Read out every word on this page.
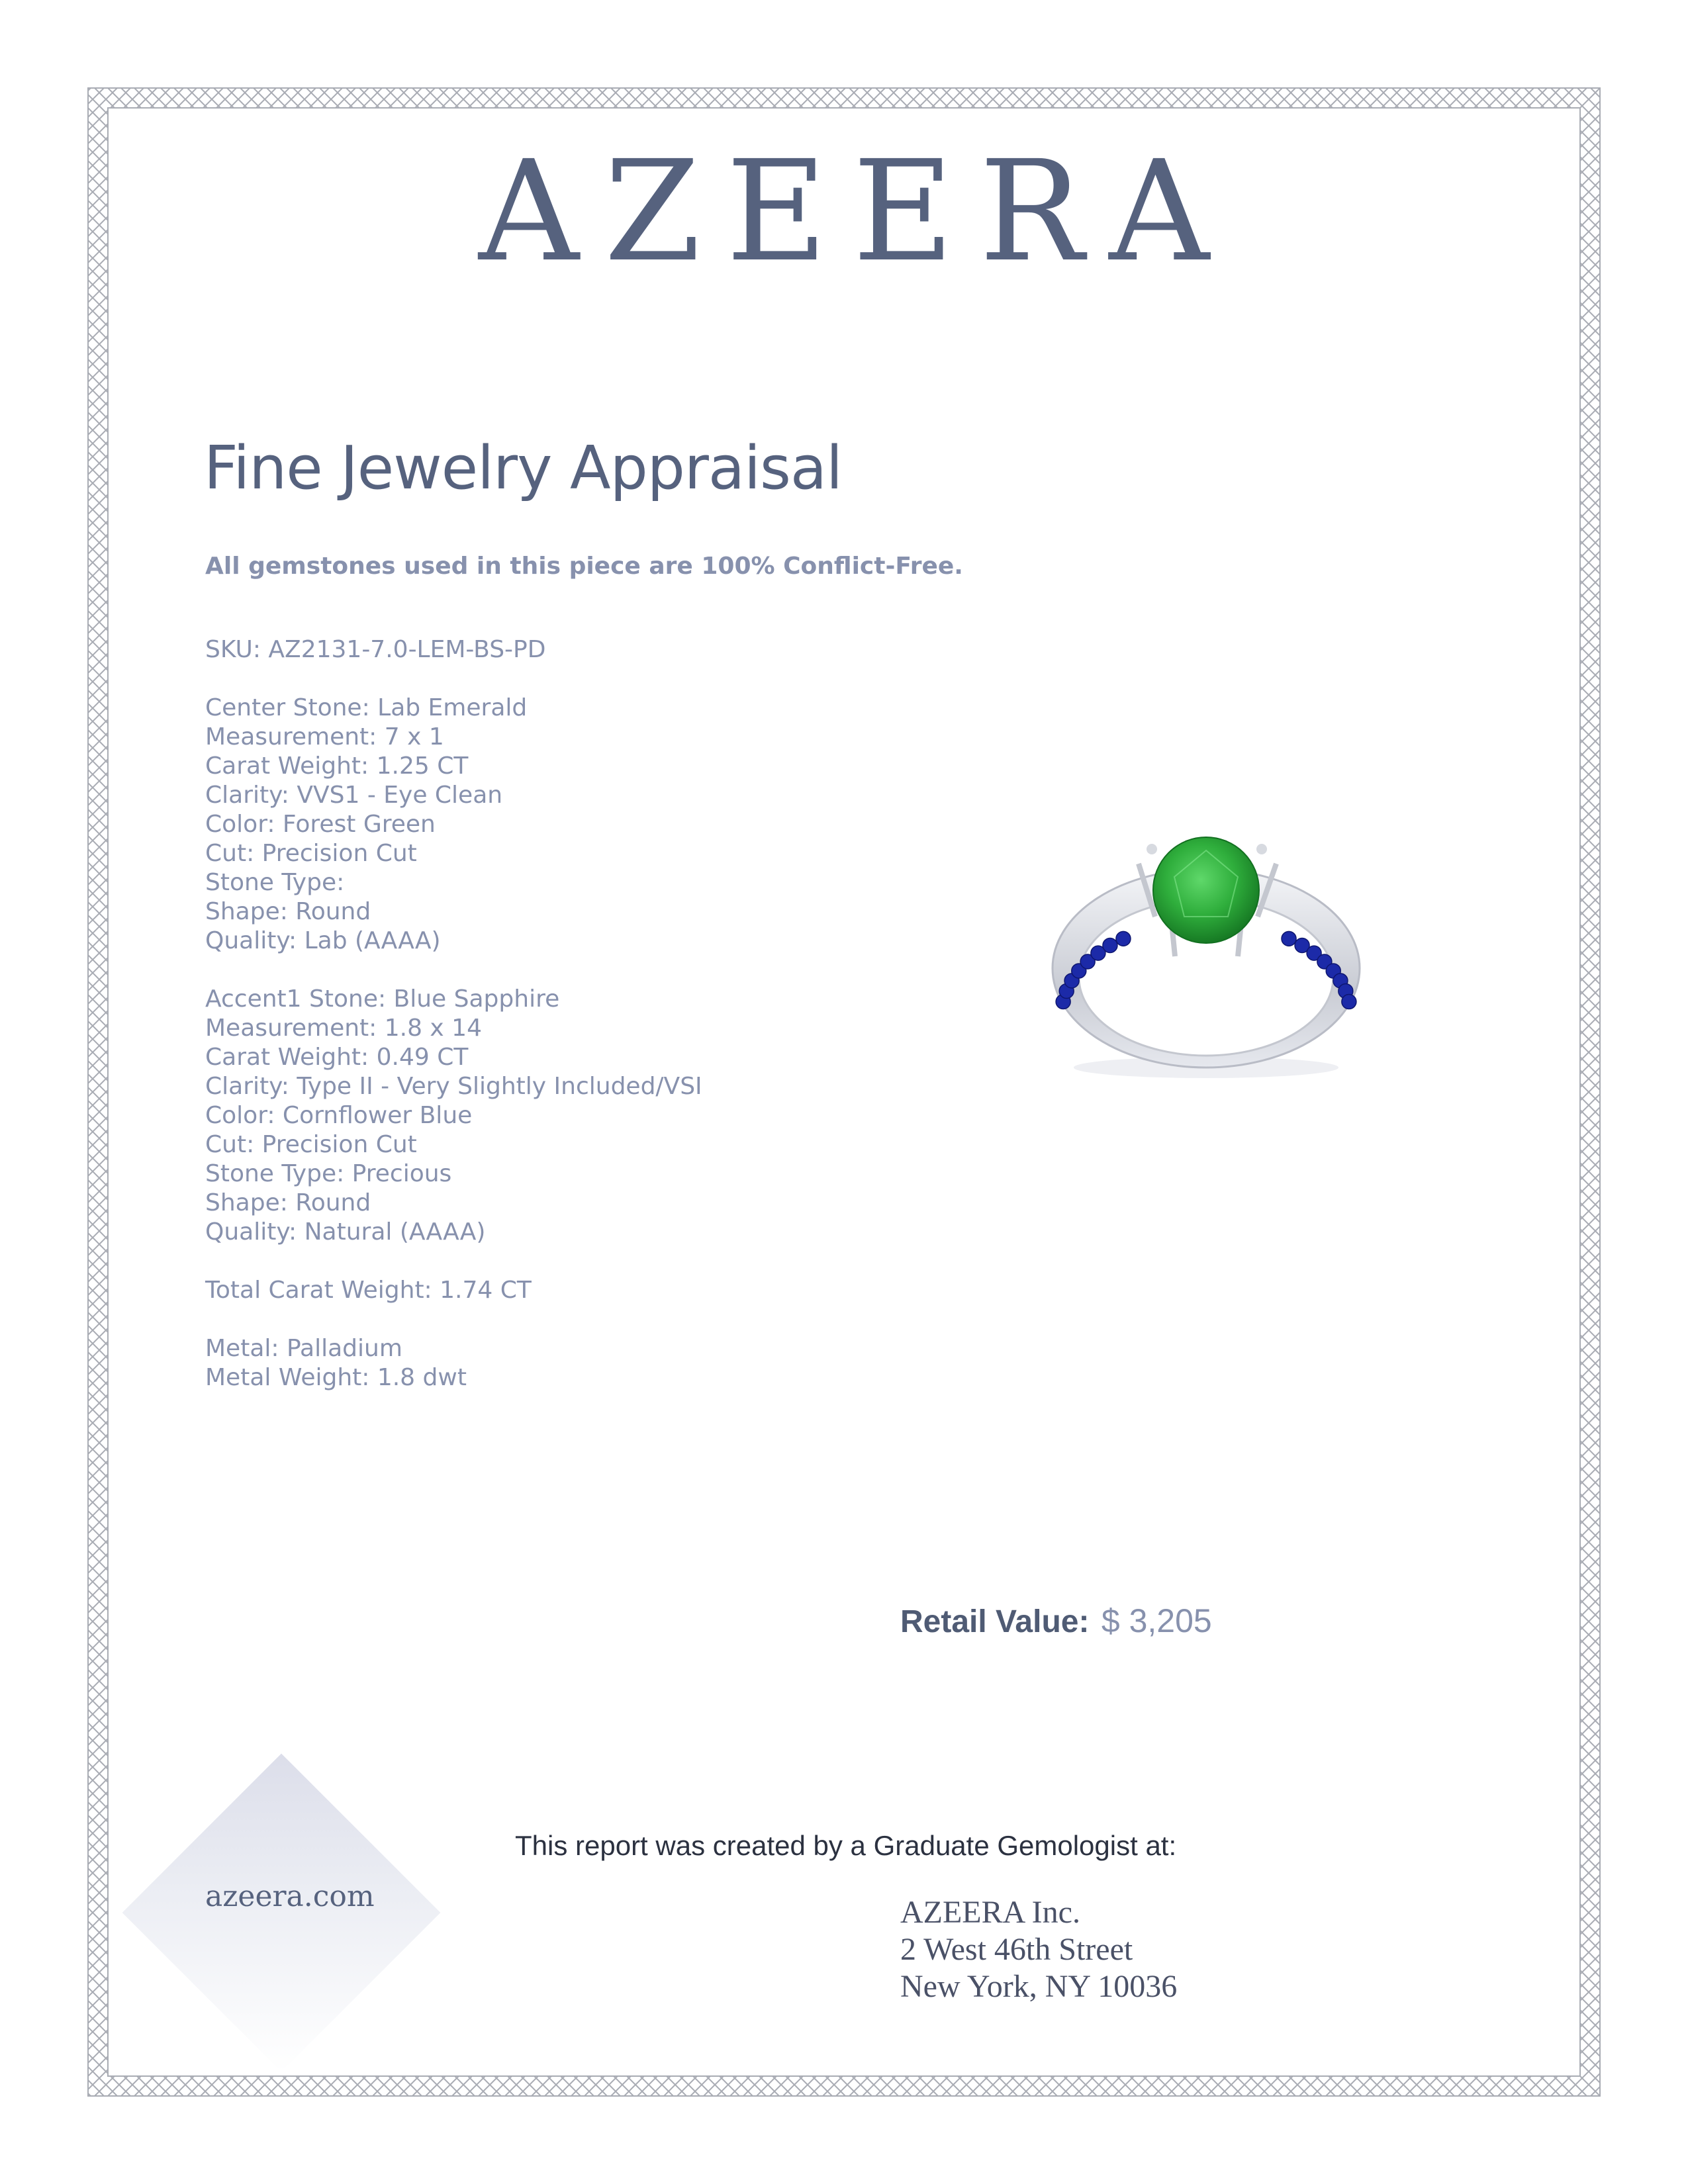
AZEERA
Fine Jewelry Appraisal
All gemstones used in this piece are 100% Conflict-Free.
SKU: AZ2131-7.0-LEM-BS-PD
Center Stone: Lab Emerald
Measurement: 7 x 1
Carat Weight: 1.25 CT
Clarity: VVS1 - Eye Clean
Color: Forest Green
Cut: Precision Cut
Stone Type:
Shape: Round
Quality: Lab (AAAA)
Accent1 Stone: Blue Sapphire
Measurement: 1.8 x 14
Carat Weight: 0.49 CT
Clarity: Type II - Very Slightly Included/VSI
Color: Cornflower Blue
Cut: Precision Cut
Stone Type: Precious
Shape: Round
Quality: Natural (AAAA)
Total Carat Weight: 1.74 CT
Metal: Palladium
Metal Weight: 1.8 dwt
Retail Value: $ 3,205
azeera.com
This report was created by a Graduate Gemologist at:
AZEERA Inc.
2 West 46th Street
New York, NY 10036
